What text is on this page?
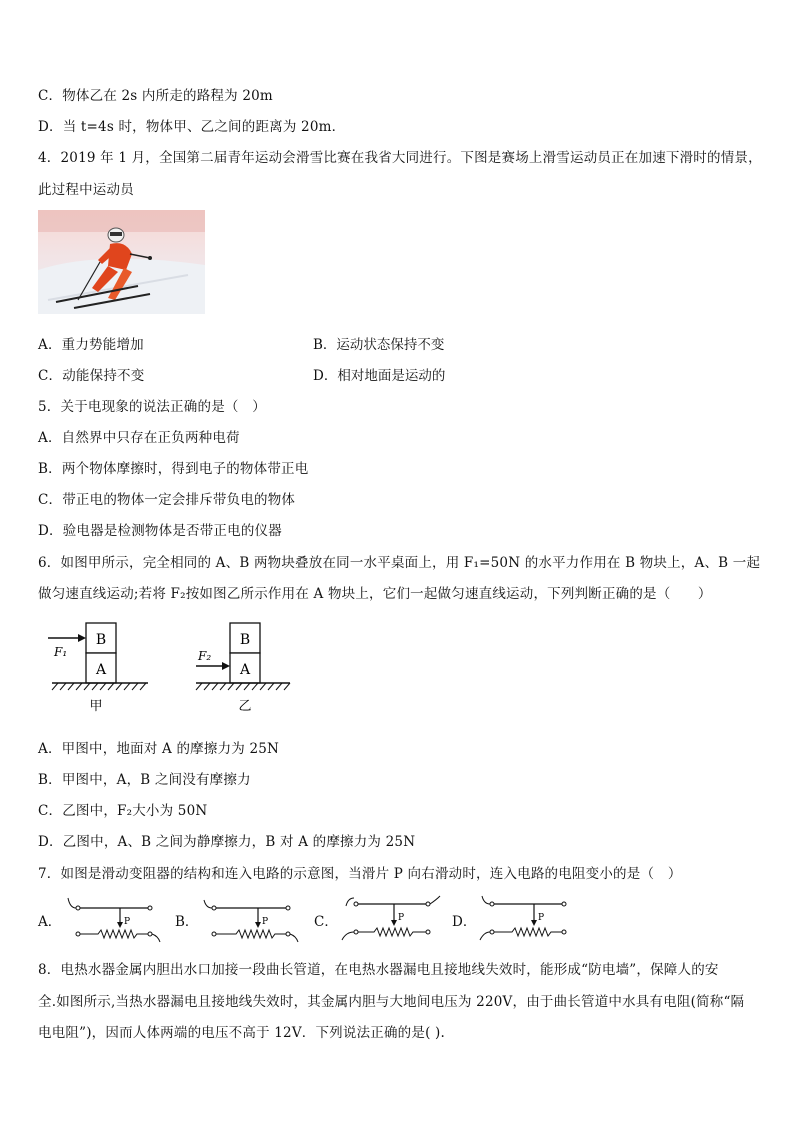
C．物体乙在 2s 内所走的路程为 20m
D．当 t=4s 时，物体甲、乙之间的距离为 20m．
4．2019 年 1 月，全国第二届青年运动会滑雪比赛在我省大同进行。下图是赛场上滑雪运动员正在加速下滑时的情景，
此过程中运动员
A．重力势能增加	B．运动状态保持不变
C．动能保持不变	D．相对地面是运动的
5．关于电现象的说法正确的是（　）
A．自然界中只存在正负两种电荷
B．两个物体摩擦时，得到电子的物体带正电
C．带正电的物体一定会排斥带负电的物体
D．验电器是检测物体是否带正电的仪器
6．如图甲所示，完全相同的 A、B 两物块叠放在同一水平桌面上，用 F₁=50N 的水平力作用在 B 物块上，A、B 一起
做匀速直线运动;若将 F₂按如图乙所示作用在 A 物块上，它们一起做匀速直线运动，下列判断正确的是（　　）
B
A
F₁
甲
B
A
F₂
乙
A．甲图中，地面对 A 的摩擦力为 25N
B．甲图中，A，B 之间没有摩擦力
C．乙图中，F₂大小为 50N
D．乙图中，A、B 之间为静摩擦力，B 对 A 的摩擦力为 25N
7．如图是滑动变阻器的结构和连入电路的示意图，当滑片 P 向右滑动时，连入电路的电阻变小的是（　）
A．	P	B．	P	C．	P	D．	P
8．电热水器金属内胆出水口加接一段曲长管道，在电热水器漏电且接地线失效时，能形成“防电墙”，保障人的安
全.如图所示,当热水器漏电且接地线失效时，其金属内胆与大地间电压为 220V，由于曲长管道中水具有电阻(简称“隔
电电阻”)，因而人体两端的电压不高于 12V．下列说法正确的是( ).
